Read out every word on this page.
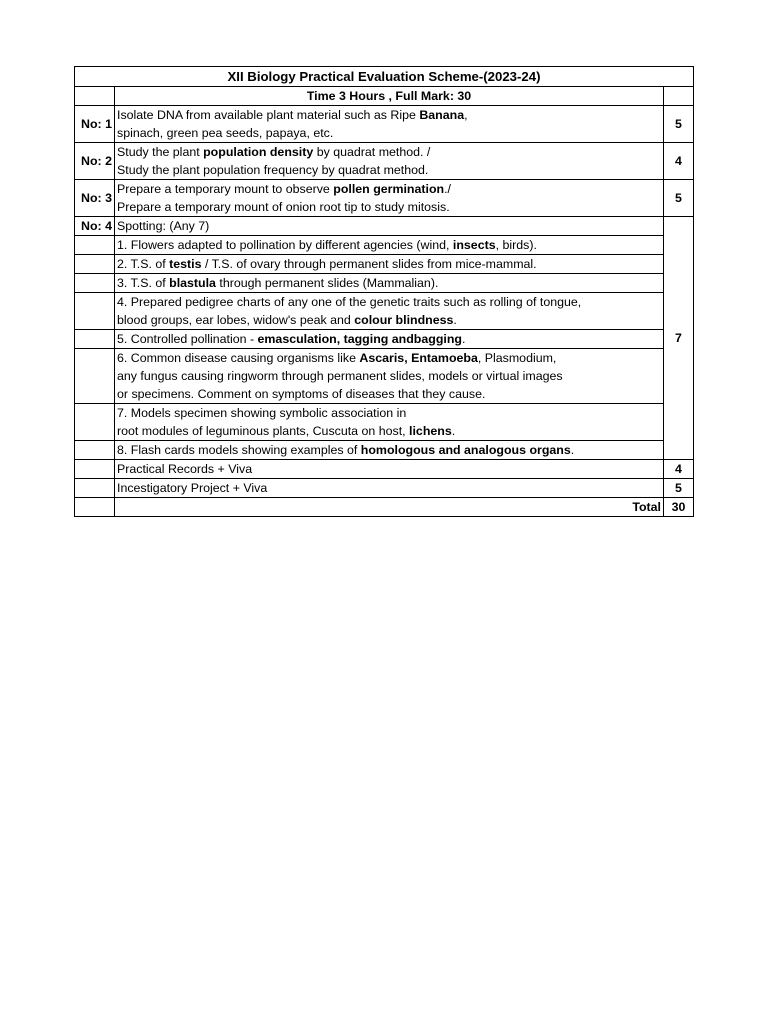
XII Biology Practical Evaluation Scheme-(2023-24)		
	Time 3 Hours , Full Mark: 30	
No: 1	Isolate DNA from available plant material such as Ripe Banana,
spinach, green pea seeds, papaya, etc.	5
No: 2	Study the plant population density by quadrat method. /
Study the plant population frequency by quadrat method.	4
No: 3	Prepare a temporary mount to observe pollen germination./
Prepare a temporary mount of onion root tip to study mitosis.	5
No: 4	Spotting: (Any 7)	7
	1. Flowers adapted to pollination by different agencies (wind, insects, birds).	
	2. T.S. of testis / T.S. of ovary through permanent slides from mice-mammal.	
	3. T.S. of blastula through permanent slides (Mammalian).	

	4. Prepared pedigree charts of any one of the genetic traits such as rolling of tongue,
blood groups, ear lobes, widow's peak and colour blindness.	

	5. Controlled pollination - emasculation, tagging andbagging.	

	6. Common disease causing organisms like Ascaris, Entamoeba, Plasmodium,
any fungus causing ringworm through permanent slides, models or virtual images
or specimens. Comment on symptoms of diseases that they cause.	

	7. Models specimen showing symbolic association in
root modules of leguminous plants, Cuscuta on host, lichens.	

	8. Flash cards models showing examples of homologous and analogous organs.	
	Practical Records + Viva	4
	Incestigatory Project + Viva	5
	Total	30
